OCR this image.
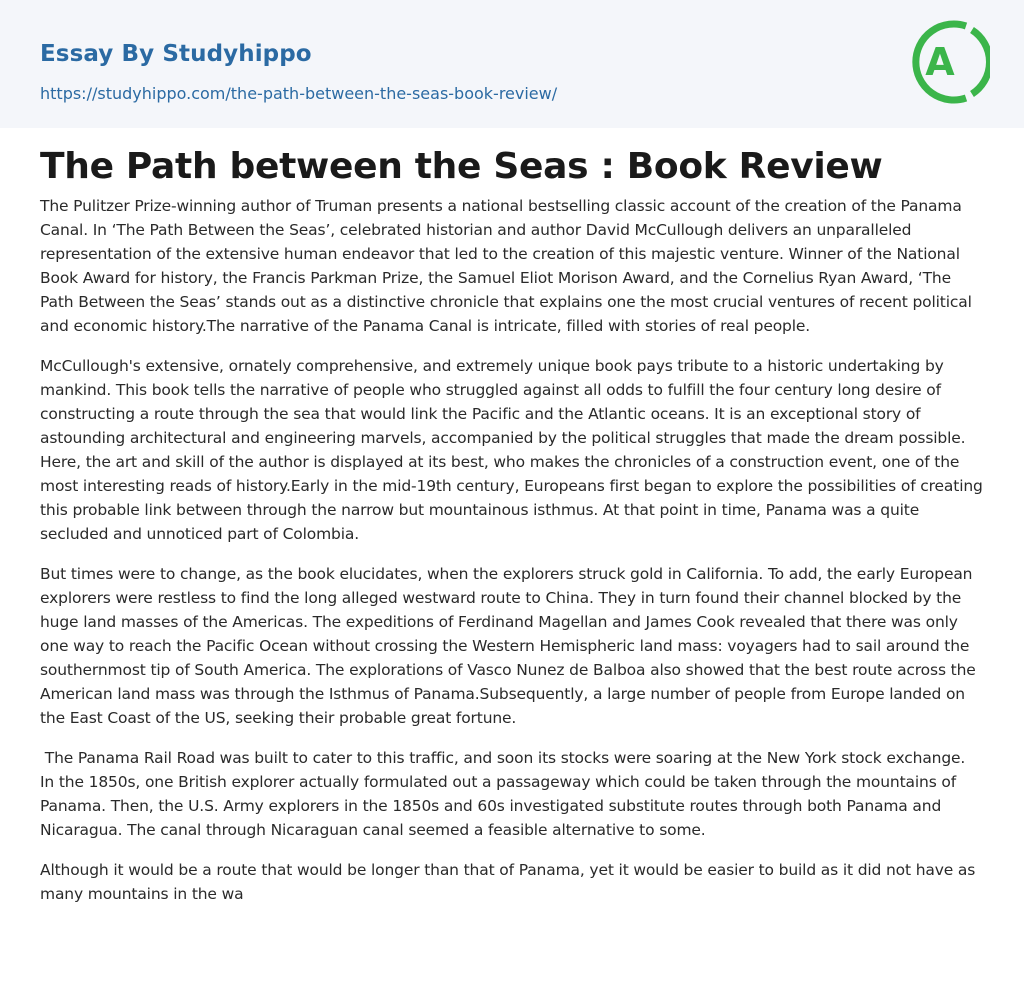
Essay By Studyhippo
https://studyhippo.com/the-path-between-the-seas-book-review/
A
The Path between the Seas : Book Review

The Pulitzer Prize-winning author of Truman presents a national bestselling classic account of the creation of the Panama Canal. In ‘The Path Between the Seas’, celebrated historian and author David McCullough delivers an unparalleled representation of the extensive human endeavor that led to the creation of this majestic venture. Winner of the National Book Award for history, the Francis Parkman Prize, the Samuel Eliot Morison Award, and the Cornelius Ryan Award, ‘The Path Between the Seas’ stands out as a distinctive chronicle that explains one the most crucial ventures of recent political and economic history.The narrative of the Panama Canal is intricate, filled with stories of real people.

McCullough's extensive, ornately comprehensive, and extremely unique book pays tribute to a historic undertaking by mankind. This book tells the narrative of people who struggled against all odds to fulfill the four century long desire of constructing a route through the sea that would link the Pacific and the Atlantic oceans. It is an exceptional story of astounding architectural and engineering marvels, accompanied by the political struggles that made the dream possible. Here, the art and skill of the author is displayed at its best, who makes the chronicles of a construction event, one of the most interesting reads of history.Early in the mid-19th century, Europeans first began to explore the possibilities of creating this probable link between through the narrow but mountainous isthmus. At that point in time, Panama was a quite secluded and unnoticed part of Colombia.

But times were to change, as the book elucidates, when the explorers struck gold in California. To add, the early European explorers were restless to find the long alleged westward route to China. They in turn found their channel blocked by the huge land masses of the Americas. The expeditions of Ferdinand Magellan and James Cook revealed that there was only one way to reach the Pacific Ocean without crossing the Western Hemispheric land mass: voyagers had to sail around the southernmost tip of South America. The explorations of Vasco Nunez de Balboa also showed that the best route across the American land mass was through the Isthmus of Panama.Subsequently, a large number of people from Europe landed on the East Coast of the US, seeking their probable great fortune.

The Panama Rail Road was built to cater to this traffic, and soon its stocks were soaring at the New York stock exchange. In the 1850s, one British explorer actually formulated out a passageway which could be taken through the mountains of Panama. Then, the U.S. Army explorers in the 1850s and 60s investigated substitute routes through both Panama and Nicaragua. The canal through Nicaraguan canal seemed a feasible alternative to some.

Although it would be a route that would be longer than that of Panama, yet it would be easier to build as it did not have as many mountains in the wa
